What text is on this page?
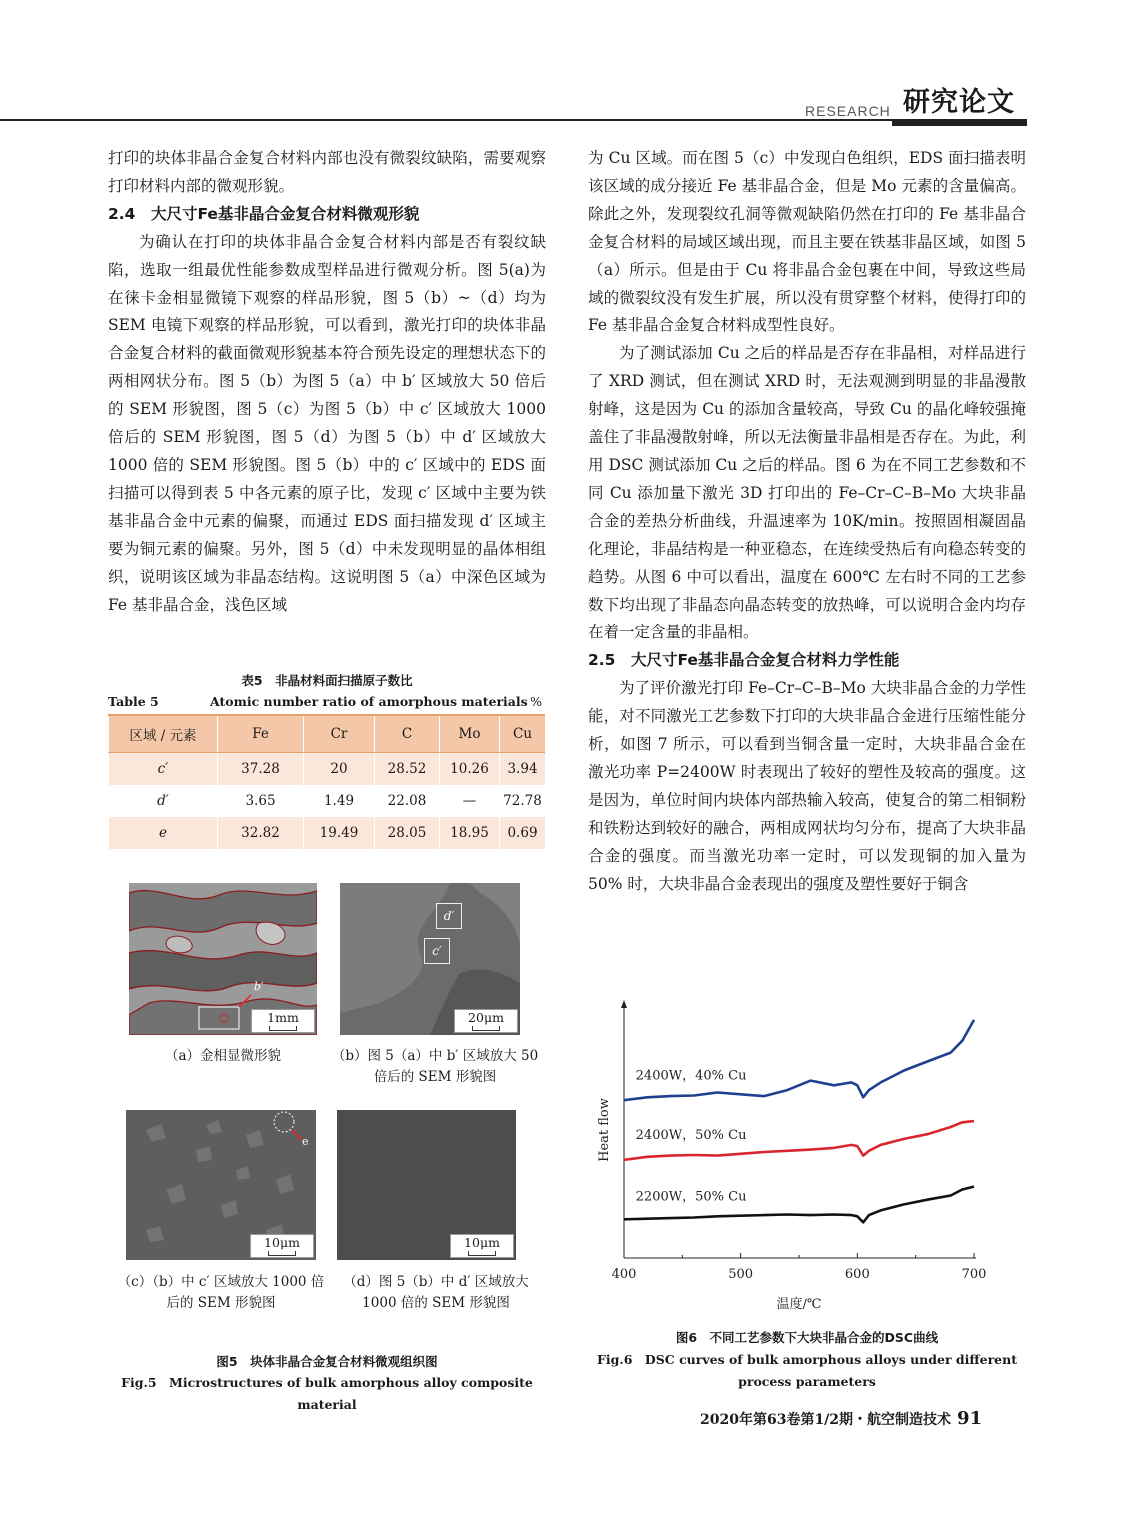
RESEARCH 研究论文

打印的块体非晶合金复合材料内部也没有微裂纹缺陷，需要观察打印材料内部的微观形貌。

2.4　大尺寸Fe基非晶合金复合材料微观形貌

为确认在打印的块体非晶合金复合材料内部是否有裂纹缺陷，选取一组最优性能参数成型样品进行微观分析。图 5(a)为在徕卡金相显微镜下观察的样品形貌，图 5（b）~（d）均为 SEM 电镜下观察的样品形貌，可以看到，激光打印的块体非晶合金复合材料的截面微观形貌基本符合预先设定的理想状态下的两相网状分布。图 5（b）为图 5（a）中 b′ 区域放大 50 倍后的 SEM 形貌图，图 5（c）为图 5（b）中 c′ 区域放大 1000 倍后的 SEM 形貌图，图 5（d）为图 5（b）中 d′ 区域放大 1000 倍的 SEM 形貌图。图 5（b）中的 c′ 区域中的 EDS 面扫描可以得到表 5 中各元素的原子比，发现 c′ 区域中主要为铁基非晶合金中元素的偏聚，而通过 EDS 面扫描发现 d′ 区域主要为铜元素的偏聚。另外，图 5（d）中未发现明显的晶体相组织，说明该区域为非晶态结构。这说明图 5（a）中深色区域为 Fe 基非晶合金，浅色区域

为 Cu 区域。而在图 5（c）中发现白色组织，EDS 面扫描表明该区域的成分接近 Fe 基非晶合金，但是 Mo 元素的含量偏高。除此之外，发现裂纹孔洞等微观缺陷仍然在打印的 Fe 基非晶合金复合材料的局域区域出现，而且主要在铁基非晶区域，如图 5（a）所示。但是由于 Cu 将非晶合金包裹在中间，导致这些局域的微裂纹没有发生扩展，所以没有贯穿整个材料，使得打印的 Fe 基非晶合金复合材料成型性良好。

为了测试添加 Cu 之后的样品是否存在非晶相，对样品进行了 XRD 测试，但在测试 XRD 时，无法观测到明显的非晶漫散射峰，这是因为 Cu 的添加含量较高，导致 Cu 的晶化峰较强掩盖住了非晶漫散射峰，所以无法衡量非晶相是否存在。为此，利用 DSC 测试添加 Cu 之后的样品。图 6 为在不同工艺参数和不同 Cu 添加量下激光 3D 打印出的 Fe–Cr–C–B–Mo 大块非晶合金的差热分析曲线，升温速率为 10K/min。按照固相凝固晶化理论，非晶结构是一种亚稳态，在连续受热后有向稳态转变的趋势。从图 6 中可以看出，温度在 600℃ 左右时不同的工艺参数下均出现了非晶态向晶态转变的放热峰，可以说明合金内均存在着一定含量的非晶相。

2.5　大尺寸Fe基非晶合金复合材料力学性能

为了评价激光打印 Fe–Cr–C–B–Mo 大块非晶合金的力学性能，对不同激光工艺参数下打印的大块非晶合金进行压缩性能分析，如图 7 所示，可以看到当铜含量一定时，大块非晶合金在激光功率 P=2400W 时表现出了较好的塑性及较高的强度。这是因为，单位时间内块体内部热输入较高，使复合的第二相铜粉和铁粉达到较好的融合，两相成网状均匀分布，提高了大块非晶合金的强度。而当激光功率一定时，可以发现铜的加入量为 50% 时，大块非晶合金表现出的强度及塑性要好于铜含

表5　非晶材料面扫描原子数比
Table 5	Atomic number ratio of amorphous materials %
区域 / 元素	Fe	Cr	C	Mo	Cu
c′	37.28	20	28.52	10.26	3.94
d′	3.65	1.49	22.08	—	72.78
e	32.82	19.49	28.05	18.95	0.69
b′
1mm
d′
c′
20μm
（a）金相显微形貌	（b）图 5（a）中 b′ 区域放大 50
倍后的 SEM 形貌图
e
10μm	10μm
（c）（b）中 c′ 区域放大 1000 倍
后的 SEM 形貌图
（d）图 5（b）中 d′ 区域放大
1000 倍的 SEM 形貌图
图5　块体非晶合金复合材料微观组织图
Fig.5　Microstructures of bulk amorphous alloy composite material
400	500	600	700
温度/℃
Heat flow
2400W，40% Cu
2400W，50% Cu
2200W，50% Cu
图6　不同工艺参数下大块非晶合金的DSC曲线
Fig.6　DSC curves of bulk amorphous alloys under different
process parameters
2020年第63卷第1/2期・航空制造技术 91
